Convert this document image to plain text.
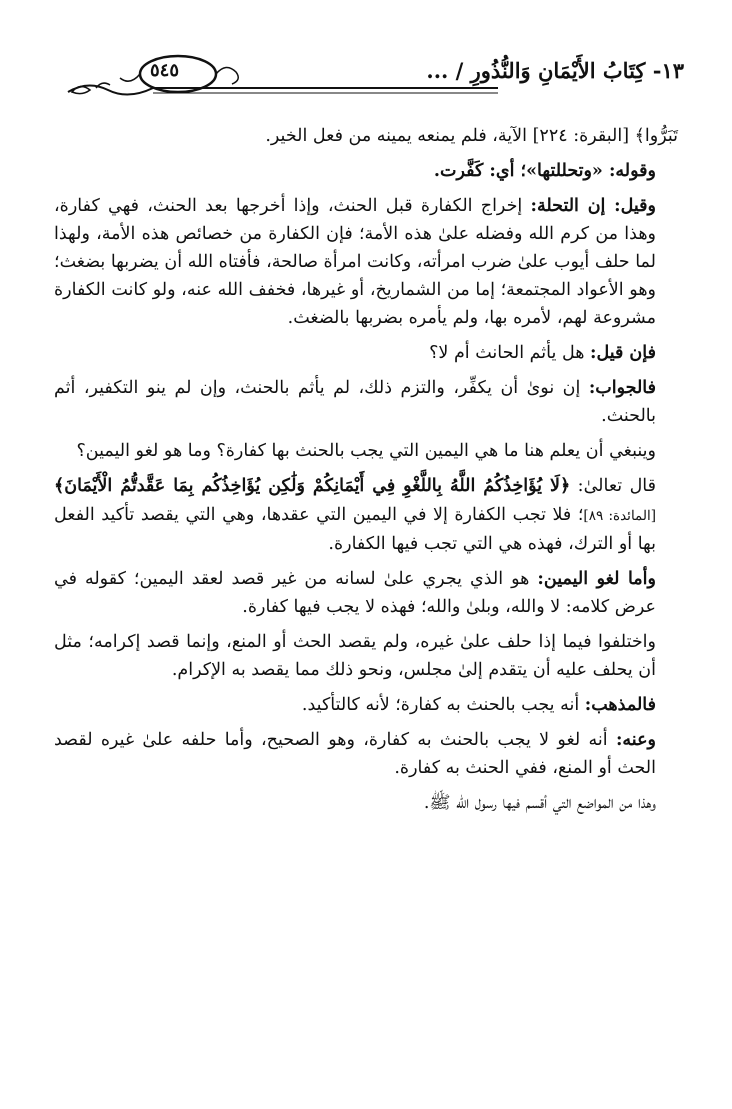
١٣- كِتَابُ الأَيْمَانِ وَالنُّذُورِ / ...
٥٤٥

تَبَرُّوا﴾ [البقرة: ٢٢٤] الآية، فلم يمنعه يمينه من فعل الخير.

وقوله: «وتحللتها»؛ أي: كَفَّرت.

وقيل: إن التحلة: إخراج الكفارة قبل الحنث، وإذا أخرجها بعد الحنث، فهي كفارة، وهذا من كرم الله وفضله علىٰ هذه الأمة؛ فإن الكفارة من خصائص هذه الأمة، ولهذا لما حلف أيوب علىٰ ضرب امرأته، وكانت امرأة صالحة، فأفتاه الله أن يضربها بضغث؛ وهو الأعواد المجتمعة؛ إما من الشماريخ، أو غيرها، فخفف الله عنه، ولو كانت الكفارة مشروعة لهم، لأمره بها، ولم يأمره بضربها بالضغث.

فإن قيل: هل يأثم الحانث أم لا؟

فالجواب: إن نوىٰ أن يكفِّر، والتزم ذلك، لم يأثم بالحنث، وإن لم ينو التكفير، أثم بالحنث.

وينبغي أن يعلم هنا ما هي اليمين التي يجب بالحنث بها كفارة؟ وما هو لغو اليمين؟

قال تعالىٰ: ﴿لَا يُؤَاخِذُكُمُ اللَّهُ بِاللَّغْوِ فِي أَيْمَانِكُمْ وَلَٰكِن يُؤَاخِذُكُم بِمَا عَقَّدتُّمُ الْأَيْمَانَ﴾ [المائدة: ٨٩]؛ فلا تجب الكفارة إلا في اليمين التي عقدها، وهي التي يقصد تأكيد الفعل بها أو الترك، فهذه هي التي تجب فيها الكفارة.

وأما لغو اليمين: هو الذي يجري علىٰ لسانه من غير قصد لعقد اليمين؛ كقوله في عرض كلامه: لا والله، وبلىٰ والله؛ فهذه لا يجب فيها كفارة.

واختلفوا فيما إذا حلف علىٰ غيره، ولم يقصد الحث أو المنع، وإنما قصد إكرامه؛ مثل أن يحلف عليه أن يتقدم إلىٰ مجلس، ونحو ذلك مما يقصد به الإكرام.

فالمذهب: أنه يجب بالحنث به كفارة؛ لأنه كالتأكيد.

وعنه: أنه لغو لا يجب بالحنث به كفارة، وهو الصحيح، وأما حلفه علىٰ غيره لقصد الحث أو المنع، ففي الحنث به كفارة.

وهذا من المواضع التي أقسم فيها رسول الله ﷺ.
